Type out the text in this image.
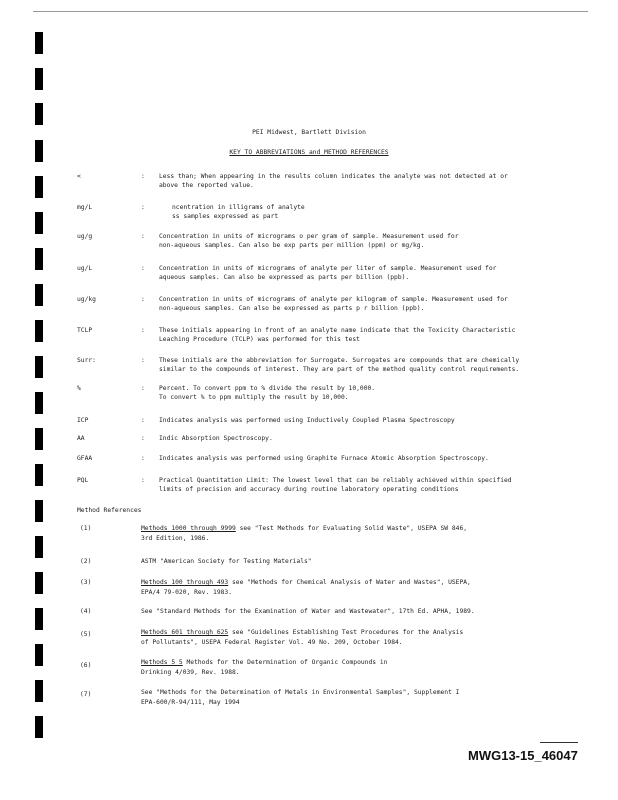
PEI Midwest, Bartlett Division
KEY TO ABBREVIATIONS and METHOD REFERENCES
<	: Less than; When appearing in the results column indicates the analyte was not detected at or
above the reported value.
mg/L	:	ncentration in illigrams of analyte
ss samples expressed as part
ug/g	: Concentration in units of micrograms o per gram of sample. Measurement used for
non-aqueous samples. Can also be exp parts per million (ppm) or mg/kg.
ug/L	: Concentration in units of micrograms of analyte per liter of sample. Measurement used for
aqueous samples. Can also be expressed as parts per billion (ppb).
ug/kg	: Concentration in units of micrograms of analyte per kilogram of sample. Measurement used for
non-aqueous samples. Can also be expressed as parts p r billion (ppb).
TCLP	: These initials appearing in front of an analyte name indicate that the Toxicity Characteristic
Leaching Procedure (TCLP) was performed for this test
Surr:	: These initials are the abbreviation for Surrogate. Surrogates are compounds that are chemically
similar to the compounds of interest. They are part of the method quality control requirements.
%	: Percent. To convert ppm to % divide the result by 10,000.
To convert % to ppm multiply the result by 10,000.
ICP	: Indicates analysis was performed using Inductively Coupled Plasma Spectroscopy
AA	: Indic Absorption Spectroscopy.
GFAA	: Indicates analysis was performed using Graphite Furnace Atomic Absorption Spectroscopy.
PQL	: Practical Quantitation Limit: The lowest level that can be reliably achieved within specified
limits of precision and accuracy during routine laboratory operating conditions
Method References
(1)	Methods 1000 through 9999 see "Test Methods for Evaluating Solid Waste", USEPA SW 846,
3rd Edition, 1986.
(2)	ASTM "American Society for Testing Materials"
(3)	Methods 100 through 493 see "Methods for Chemical Analysis of Water and Wastes", USEPA,
EPA/4 79-020, Rev. 1983.
(4)	See "Standard Methods for the Examination of Water and Wastewater", 17th Ed. APHA, 1989.
(5)	Methods 601 through 625 see "Guidelines Establishing Test Procedures for the Analysis
of Pollutants", USEPA Federal Register Vol. 49 No. 209, October 1984.
(6)	Methods 5 5 Methods for the Determination of Organic Compounds in
Drinking 4/039, Rev. 1988.
(7)	See "Methods for the Determination of Metals in Environmental Samples", Supplement I
EPA-600/R-94/111, May 1994
MWG13-15_46047
